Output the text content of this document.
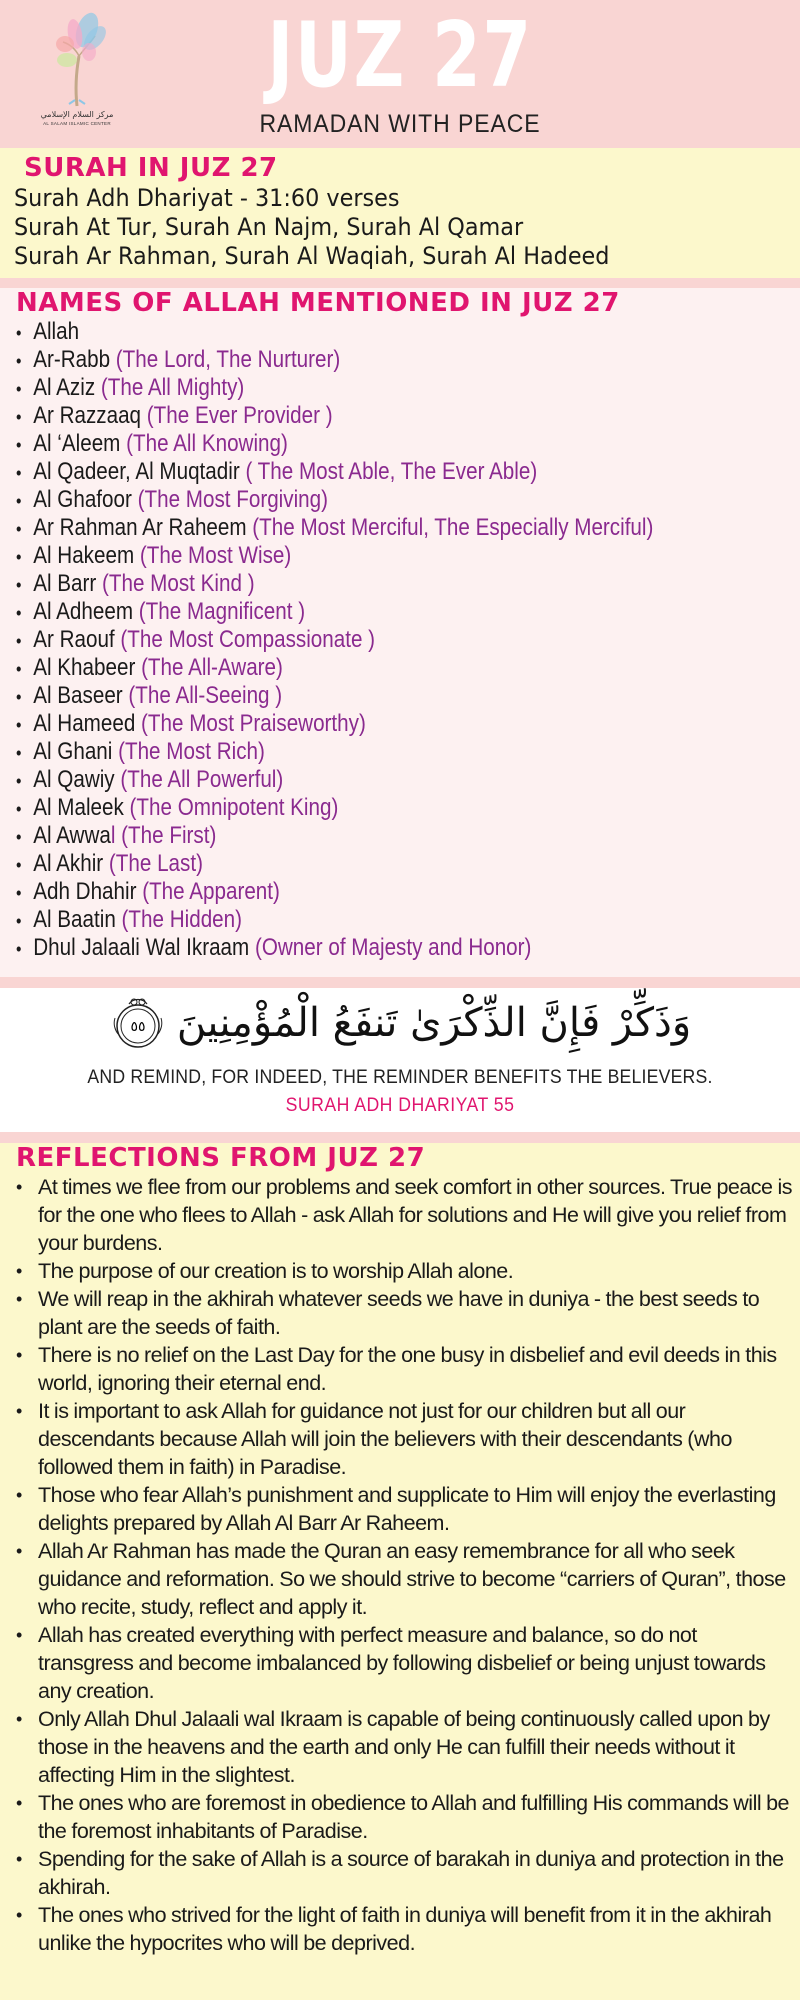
مركز السلام الإسلامي
AL SALAM ISLAMIC CENTER
JUZ 27
RAMADAN WITH PEACE
SURAH IN JUZ 27
Surah Adh Dhariyat - 31:60 verses
Surah At Tur, Surah An Najm, Surah Al Qamar
Surah Ar Rahman, Surah Al Waqiah, Surah Al Hadeed
NAMES OF ALLAH MENTIONED IN JUZ 27
• Allah
• Ar-Rabb (The Lord, The Nurturer)
• Al Aziz (The All Mighty)
• Ar Razzaaq (The Ever Provider )
• Al ‘Aleem (The All Knowing)
• Al Qadeer, Al Muqtadir ( The Most Able, The Ever Able)
• Al Ghafoor (The Most Forgiving)
• Ar Rahman Ar Raheem (The Most Merciful, The Especially Merciful)
• Al Hakeem (The Most Wise)
• Al Barr (The Most Kind )
• Al Adheem (The Magnificent )
• Ar Raouf (The Most Compassionate )
• Al Khabeer (The All-Aware)
• Al Baseer (The All-Seeing )
• Al Hameed (The Most Praiseworthy)
• Al Ghani (The Most Rich)
• Al Qawiy (The All Powerful)
• Al Maleek (The Omnipotent King)
• Al Awwal (The First)
• Al Akhir (The Last)
• Adh Dhahir (The Apparent)
• Al Baatin (The Hidden)
• Dhul Jalaali Wal Ikraam (Owner of Majesty and Honor)
وَذَكِّرْ فَإِنَّ الذِّكْرَىٰ تَنفَعُ الْمُؤْمِنِينَ
٥٥
AND REMIND, FOR INDEED, THE REMINDER BENEFITS THE BELIEVERS.
SURAH ADH DHARIYAT 55
REFLECTIONS FROM JUZ 27
• At times we flee from our problems and seek comfort in other sources. True peace is for the one who flees to Allah - ask Allah for solutions and He will give you relief from your burdens.
• The purpose of our creation is to worship Allah alone.
• We will reap in the akhirah whatever seeds we have in duniya - the best seeds to plant are the seeds of faith.
• There is no relief on the Last Day for the one busy in disbelief and evil deeds in this world, ignoring their eternal end.
• It is important to ask Allah for guidance not just for our children but all our descendants because Allah will join the believers with their descendants (who followed them in faith) in Paradise.
• Those who fear Allah’s punishment and supplicate to Him will enjoy the everlasting delights prepared by Allah Al Barr Ar Raheem.
• Allah Ar Rahman has made the Quran an easy remembrance for all who seek guidance and reformation. So we should strive to become “carriers of Quran”, those who recite, study, reflect and apply it.
• Allah has created everything with perfect measure and balance, so do not transgress and become imbalanced by following disbelief or being unjust towards any creation.
• Only Allah Dhul Jalaali wal Ikraam is capable of being continuously called upon by those in the heavens and the earth and only He can fulfill their needs without it affecting Him in the slightest.
• The ones who are foremost in obedience to Allah and fulfilling His commands will be the foremost inhabitants of Paradise.
• Spending for the sake of Allah is a source of barakah in duniya and protection in the akhirah.
• The ones who strived for the light of faith in duniya will benefit from it in the akhirah unlike the hypocrites who will be deprived.
